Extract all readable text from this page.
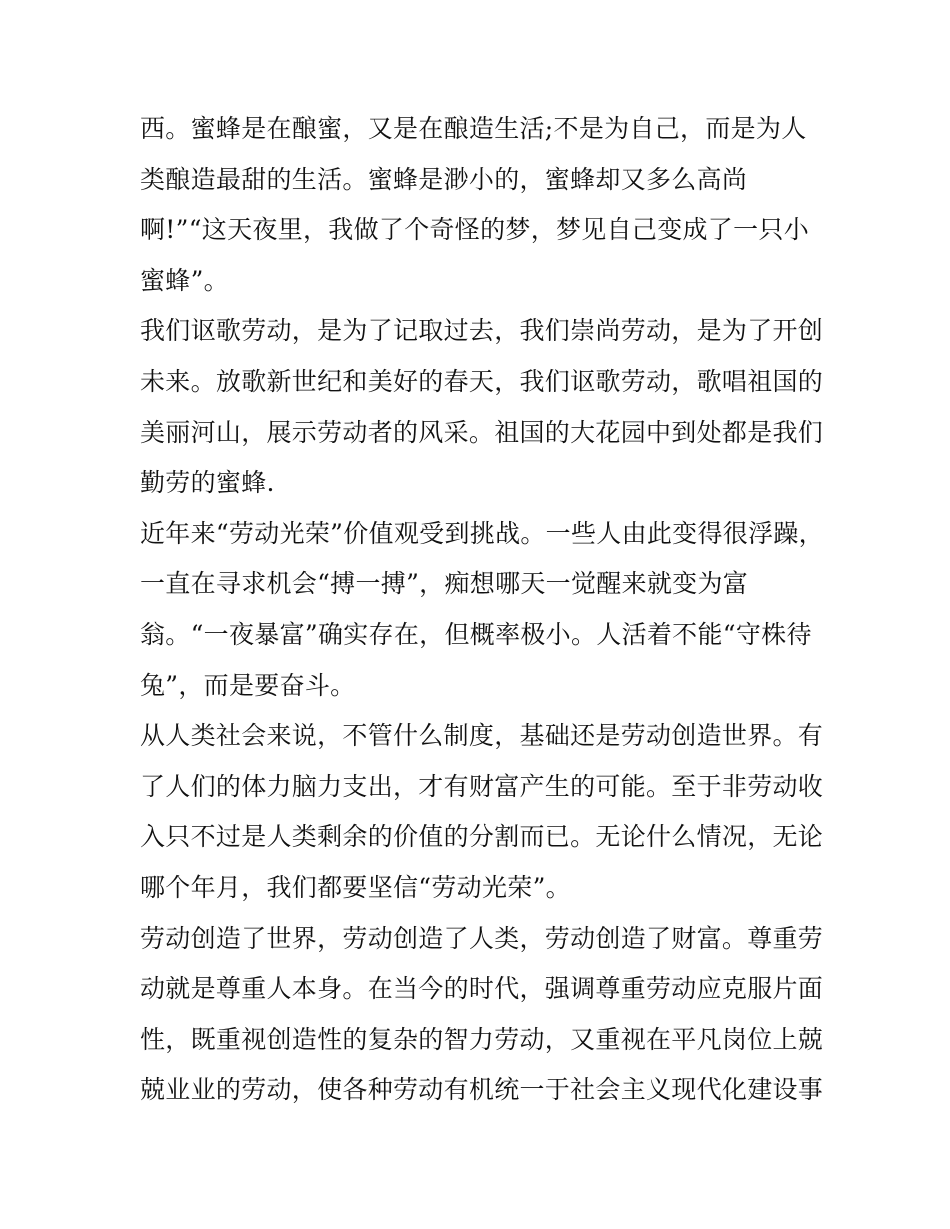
西。蜜蜂是在酿蜜，又是在酿造生活;不是为自己，而是为人
类酿造最甜的生活。蜜蜂是渺小的，蜜蜂却又多么高尚
啊!”“这天夜里，我做了个奇怪的梦，梦见自己变成了一只小
蜜蜂”。
我们讴歌劳动，是为了记取过去，我们崇尚劳动，是为了开创
未来。放歌新世纪和美好的春天，我们讴歌劳动，歌唱祖国的
美丽河山，展示劳动者的风采。祖国的大花园中到处都是我们
勤劳的蜜蜂.
近年来“劳动光荣”价值观受到挑战。一些人由此变得很浮躁，
一直在寻求机会“搏一搏”，痴想哪天一觉醒来就变为富
翁。“一夜暴富”确实存在，但概率极小。人活着不能“守株待
兔”，而是要奋斗。
从人类社会来说，不管什么制度，基础还是劳动创造世界。有
了人们的体力脑力支出，才有财富产生的可能。至于非劳动收
入只不过是人类剩余的价值的分割而已。无论什么情况，无论
哪个年月，我们都要坚信“劳动光荣”。
劳动创造了世界，劳动创造了人类，劳动创造了财富。尊重劳
动就是尊重人本身。在当今的时代，强调尊重劳动应克服片面
性，既重视创造性的复杂的智力劳动，又重视在平凡岗位上兢
兢业业的劳动，使各种劳动有机统一于社会主义现代化建设事
